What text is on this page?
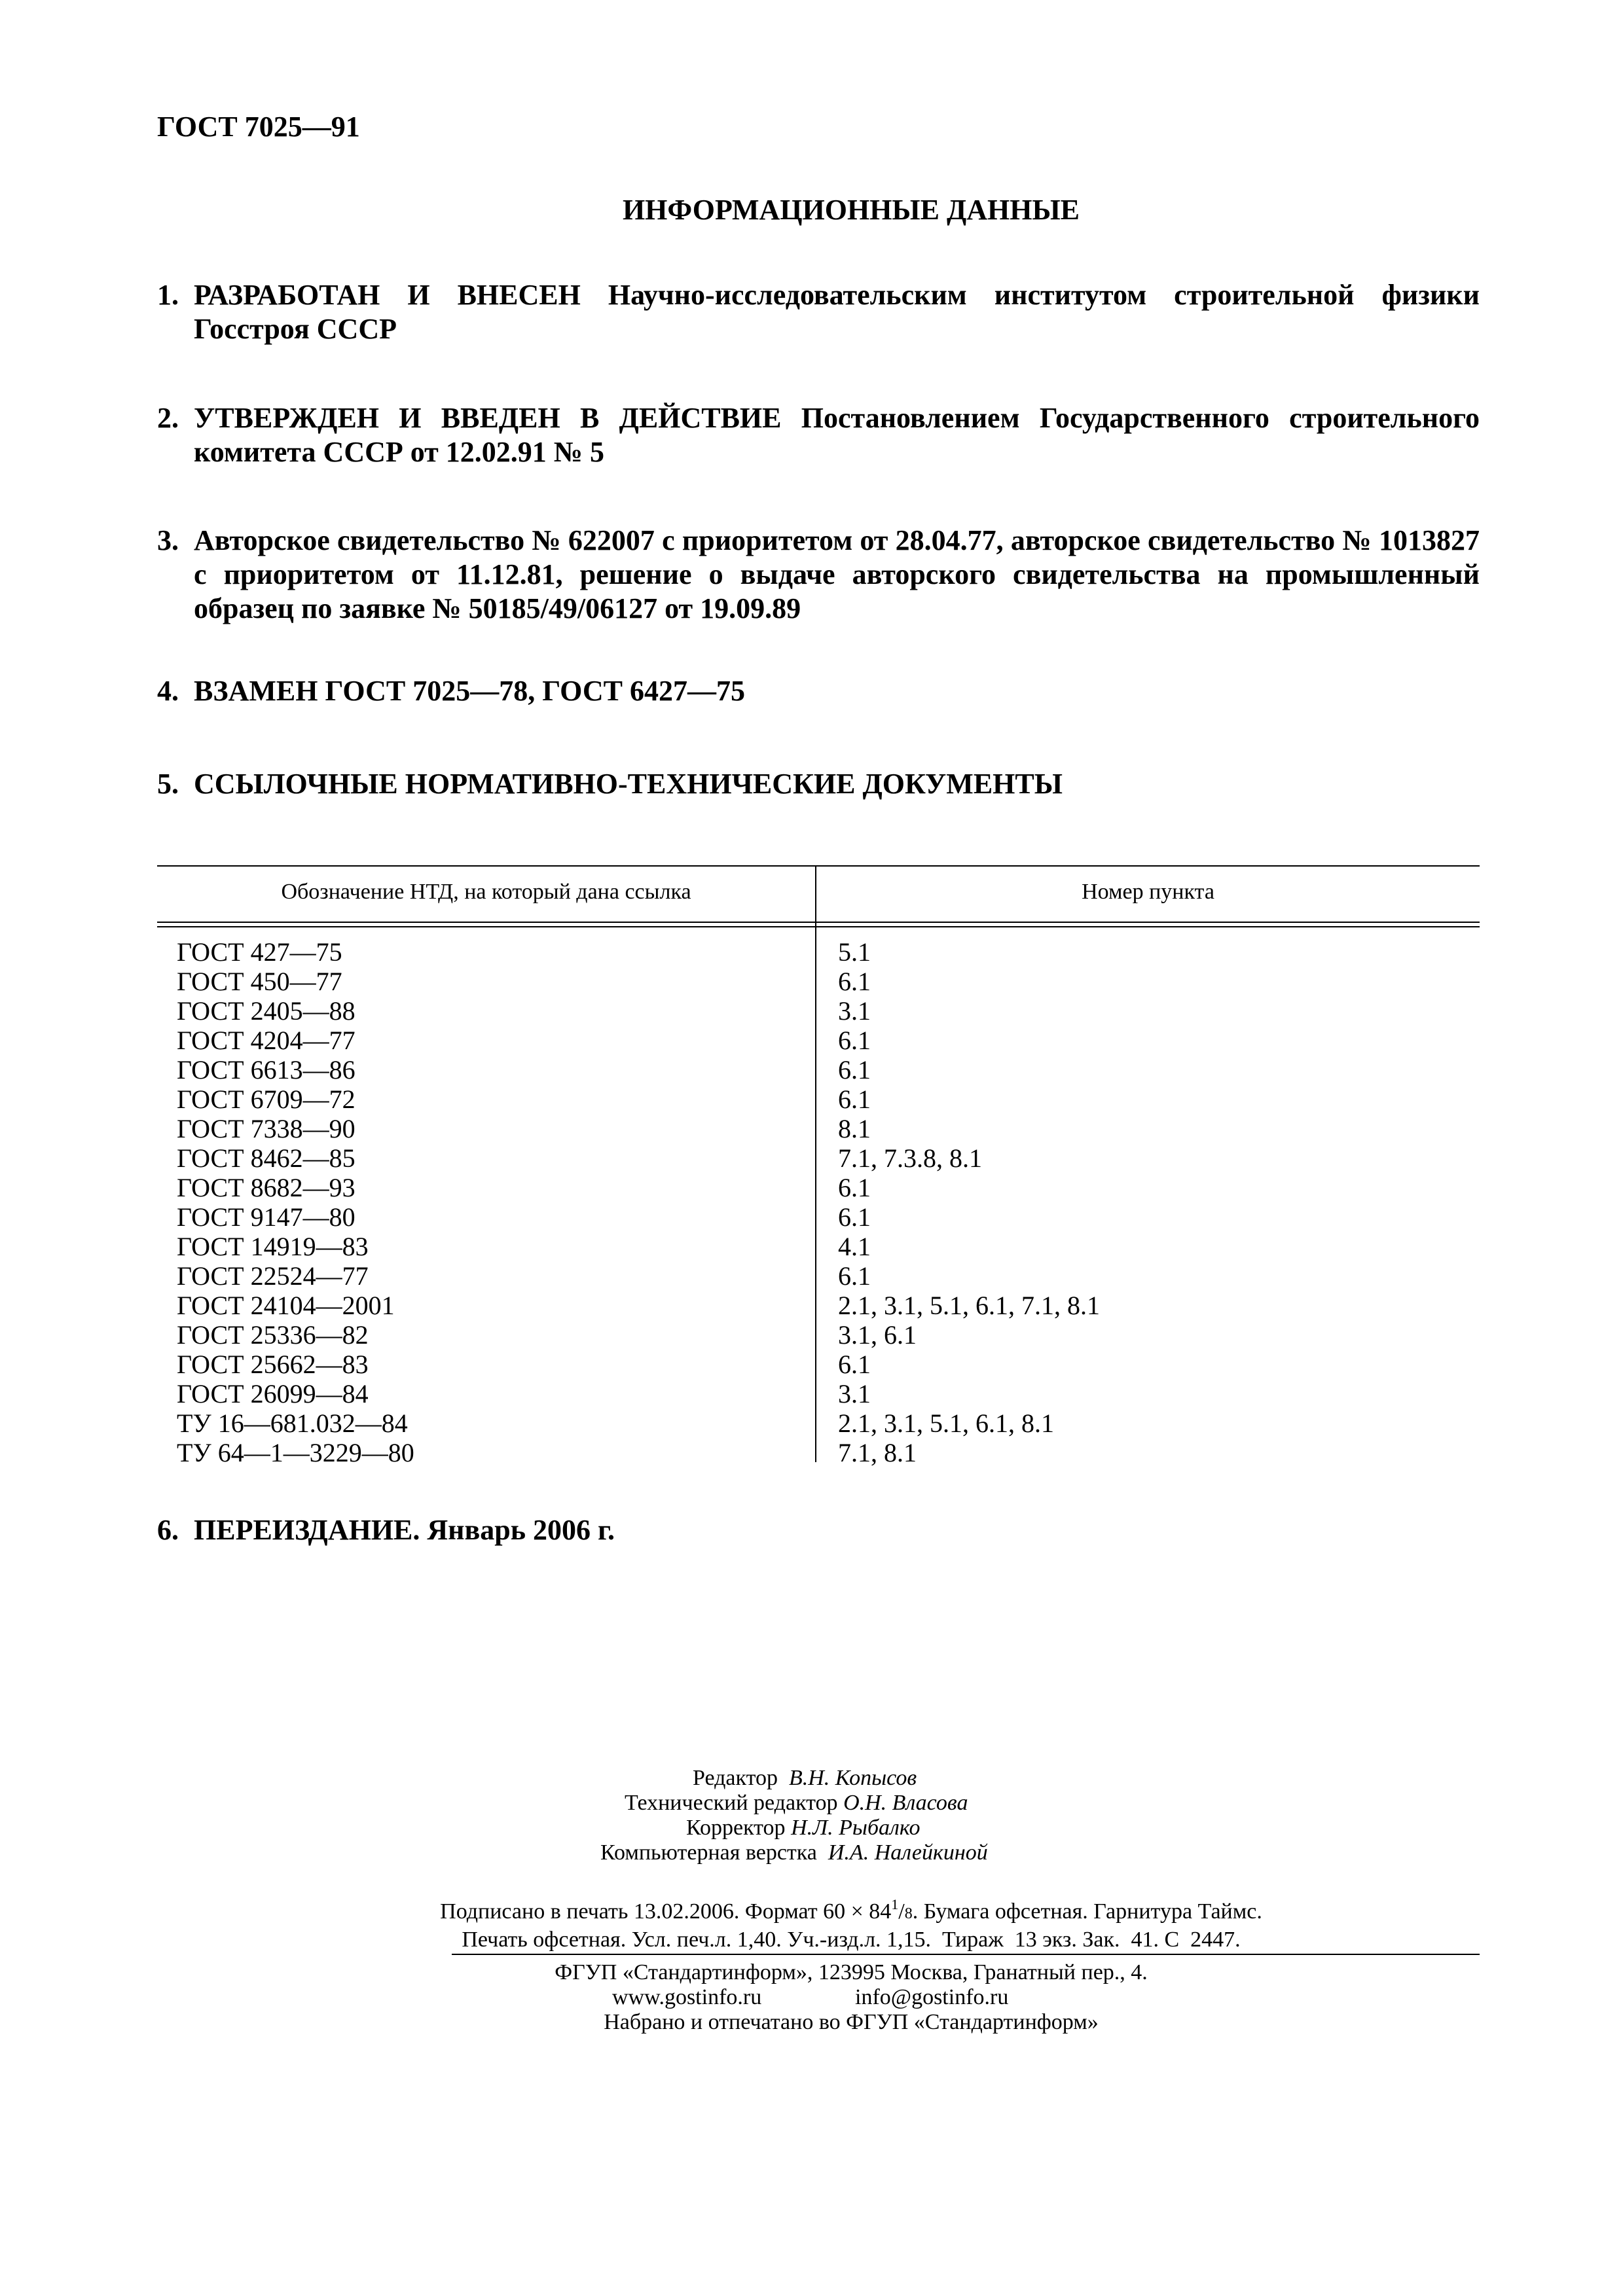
ГОСТ 7025—91
ИНФОРМАЦИОННЫЕ ДАННЫЕ
1. РАЗРАБОТАН И ВНЕСЕН Научно-исследовательским институтом строительной физики Госстроя СССР
2. УТВЕРЖДЕН И ВВЕДЕН В ДЕЙСТВИЕ Постановлением Государственного строительного комитета СССР от 12.02.91 № 5
3. Авторское свидетельство № 622007 с приоритетом от 28.04.77, авторское свидетельство № 1013827 с приоритетом от 11.12.81, решение о выдаче авторского свидетельства на промышленный образец по заявке № 50185/49/06127 от 19.09.89
4. ВЗАМЕН ГОСТ 7025—78, ГОСТ 6427—75
5. ССЫЛОЧНЫЕ НОРМАТИВНО-ТЕХНИЧЕСКИЕ ДОКУМЕНТЫ
Обозначение НТД, на который дана ссылка	Номер пункта
ГОСТ 427—75
ГОСТ 450—77
ГОСТ 2405—88
ГОСТ 4204—77
ГОСТ 6613—86
ГОСТ 6709—72
ГОСТ 7338—90
ГОСТ 8462—85
ГОСТ 8682—93
ГОСТ 9147—80
ГОСТ 14919—83
ГОСТ 22524—77
ГОСТ 24104—2001
ГОСТ 25336—82
ГОСТ 25662—83
ГОСТ 26099—84
ТУ 16—681.032—84
ТУ 64—1—3229—80
5.1
6.1
3.1
6.1
6.1
6.1
8.1
7.1, 7.3.8, 8.1
6.1
6.1
4.1
6.1
2.1, 3.1, 5.1, 6.1, 7.1, 8.1
3.1, 6.1
6.1
3.1
2.1, 3.1, 5.1, 6.1, 8.1
7.1, 8.1
6. ПЕРЕИЗДАНИЕ. Январь 2006 г.
Редактор В.Н. Копысов
Технический редактор О.Н. Власова
Корректор Н.Л. Рыбалко
Компьютерная верстка И.А. Налейкиной
Подписано в печать 13.02.2006. Формат $60 \times 84^1/8$. Бумага офсетная. Гарнитура Таймс.
Печать офсетная. Усл. печ.л. 1,40. Уч.-изд.л. 1,15.  Тираж  13 экз. Зак.  41. С  2447.
ФГУП «Стандартинформ», 123995 Москва, Гранатный пер., 4.
www.gostinfo.ru	info@gostinfo.ru
Набрано и отпечатано во ФГУП «Стандартинформ»
